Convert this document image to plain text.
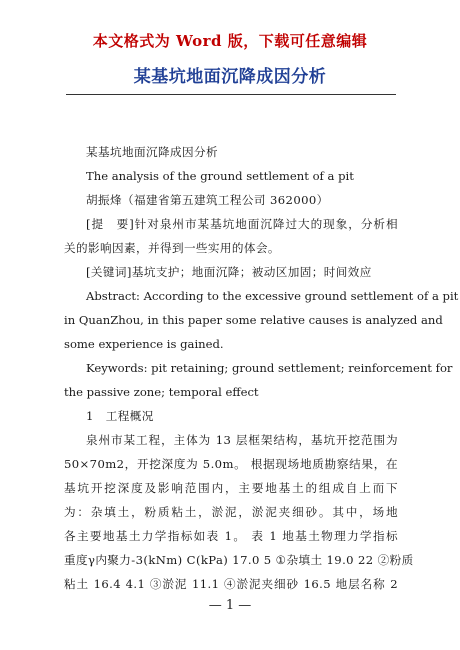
本文格式为 Word 版，下载可任意编辑
某基坑地面沉降成因分析
某基坑地面沉降成因分析
The analysis of the ground settlement of a pit
胡振烽（福建省第五建筑工程公司 362000）
[提　要]针对泉州市某基坑地面沉降过大的现象，分析相
关的影响因素，并得到一些实用的体会。
[关键词]基坑支护；地面沉降；被动区加固；时间效应
Abstract: According to the excessive ground settlement of a pit
in QuanZhou, in this paper some relative causes is analyzed and
some experience is gained.
Keywords: pit retaining; ground settlement; reinforcement for
the passive zone; temporal effect
1　工程概况
泉州市某工程，主体为 13 层框架结构，基坑开挖范围为
50×70m2，开挖深度为 5.0m。 根据现场地质勘察结果，在
基坑开挖深度及影响范围内，主要地基土的组成自上而下
为：杂填土，粉质粘土，淤泥，淤泥夹细砂。其中，场地
各主要地基土力学指标如表 1。 表 1 地基土物理力学指标
重度γ内聚力-3(kNm) C(kPa) 17.0 5 ①杂填土 19.0 22 ②粉质
粘土 16.4 4.1 ③淤泥 11.1 ④淤泥夹细砂 16.5 地层名称 2
— 1 —
